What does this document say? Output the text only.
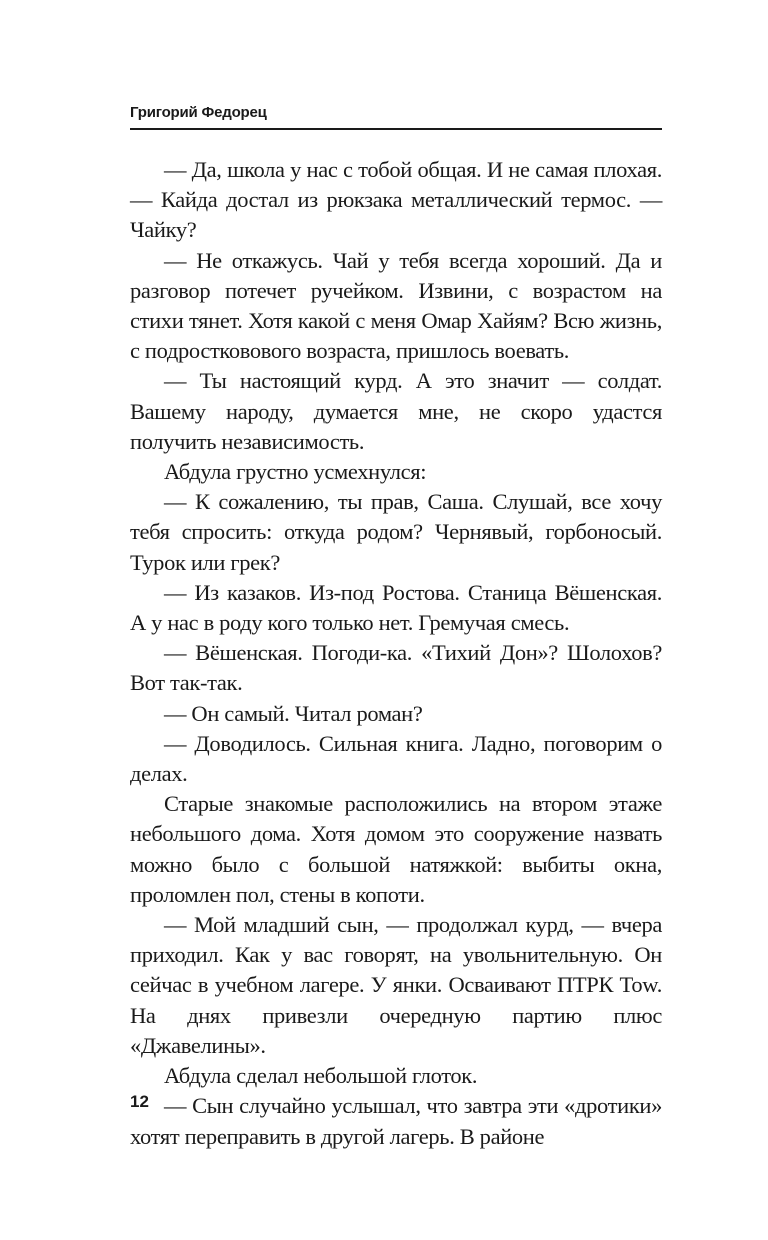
Григорий Федорец

— Да, школа у нас с тобой общая. И не самая плохая. — Кайда достал из рюкзака металлический термос. — Чайку?

— Не откажусь. Чай у тебя всегда хороший. Да и разговор потечет ручейком. Извини, с возрастом на стихи тянет. Хотя какой с меня Омар Хайям? Всю жизнь, с подростковового возраста, пришлось воевать.

— Ты настоящий курд. А это значит — солдат. Вашему народу, думается мне, не скоро удастся получить независимость.

Абдула грустно усмехнулся:

— К сожалению, ты прав, Саша. Слушай, все хочу тебя спросить: откуда родом? Чернявый, горбоносый. Турок или грек?

— Из казаков. Из-под Ростова. Станица Вёшенская. А у нас в роду кого только нет. Гремучая смесь.

— Вёшенская. Погоди-ка. «Тихий Дон»? Шолохов? Вот так-так.

— Он самый. Читал роман?

— Доводилось. Сильная книга. Ладно, поговорим о делах.

Старые знакомые расположились на втором этаже небольшого дома. Хотя домом это сооружение назвать можно было с большой натяжкой: выбиты окна, проломлен пол, стены в копоти.

— Мой младший сын, — продолжал курд, — вчера приходил. Как у вас говорят, на увольнительную. Он сейчас в учебном лагере. У янки. Осваивают ПТРК Tow. На днях привезли очередную партию плюс «Джавелины».

Абдула сделал небольшой глоток.

— Сын случайно услышал, что завтра эти «дротики» хотят переправить в другой лагерь. В районе

12
